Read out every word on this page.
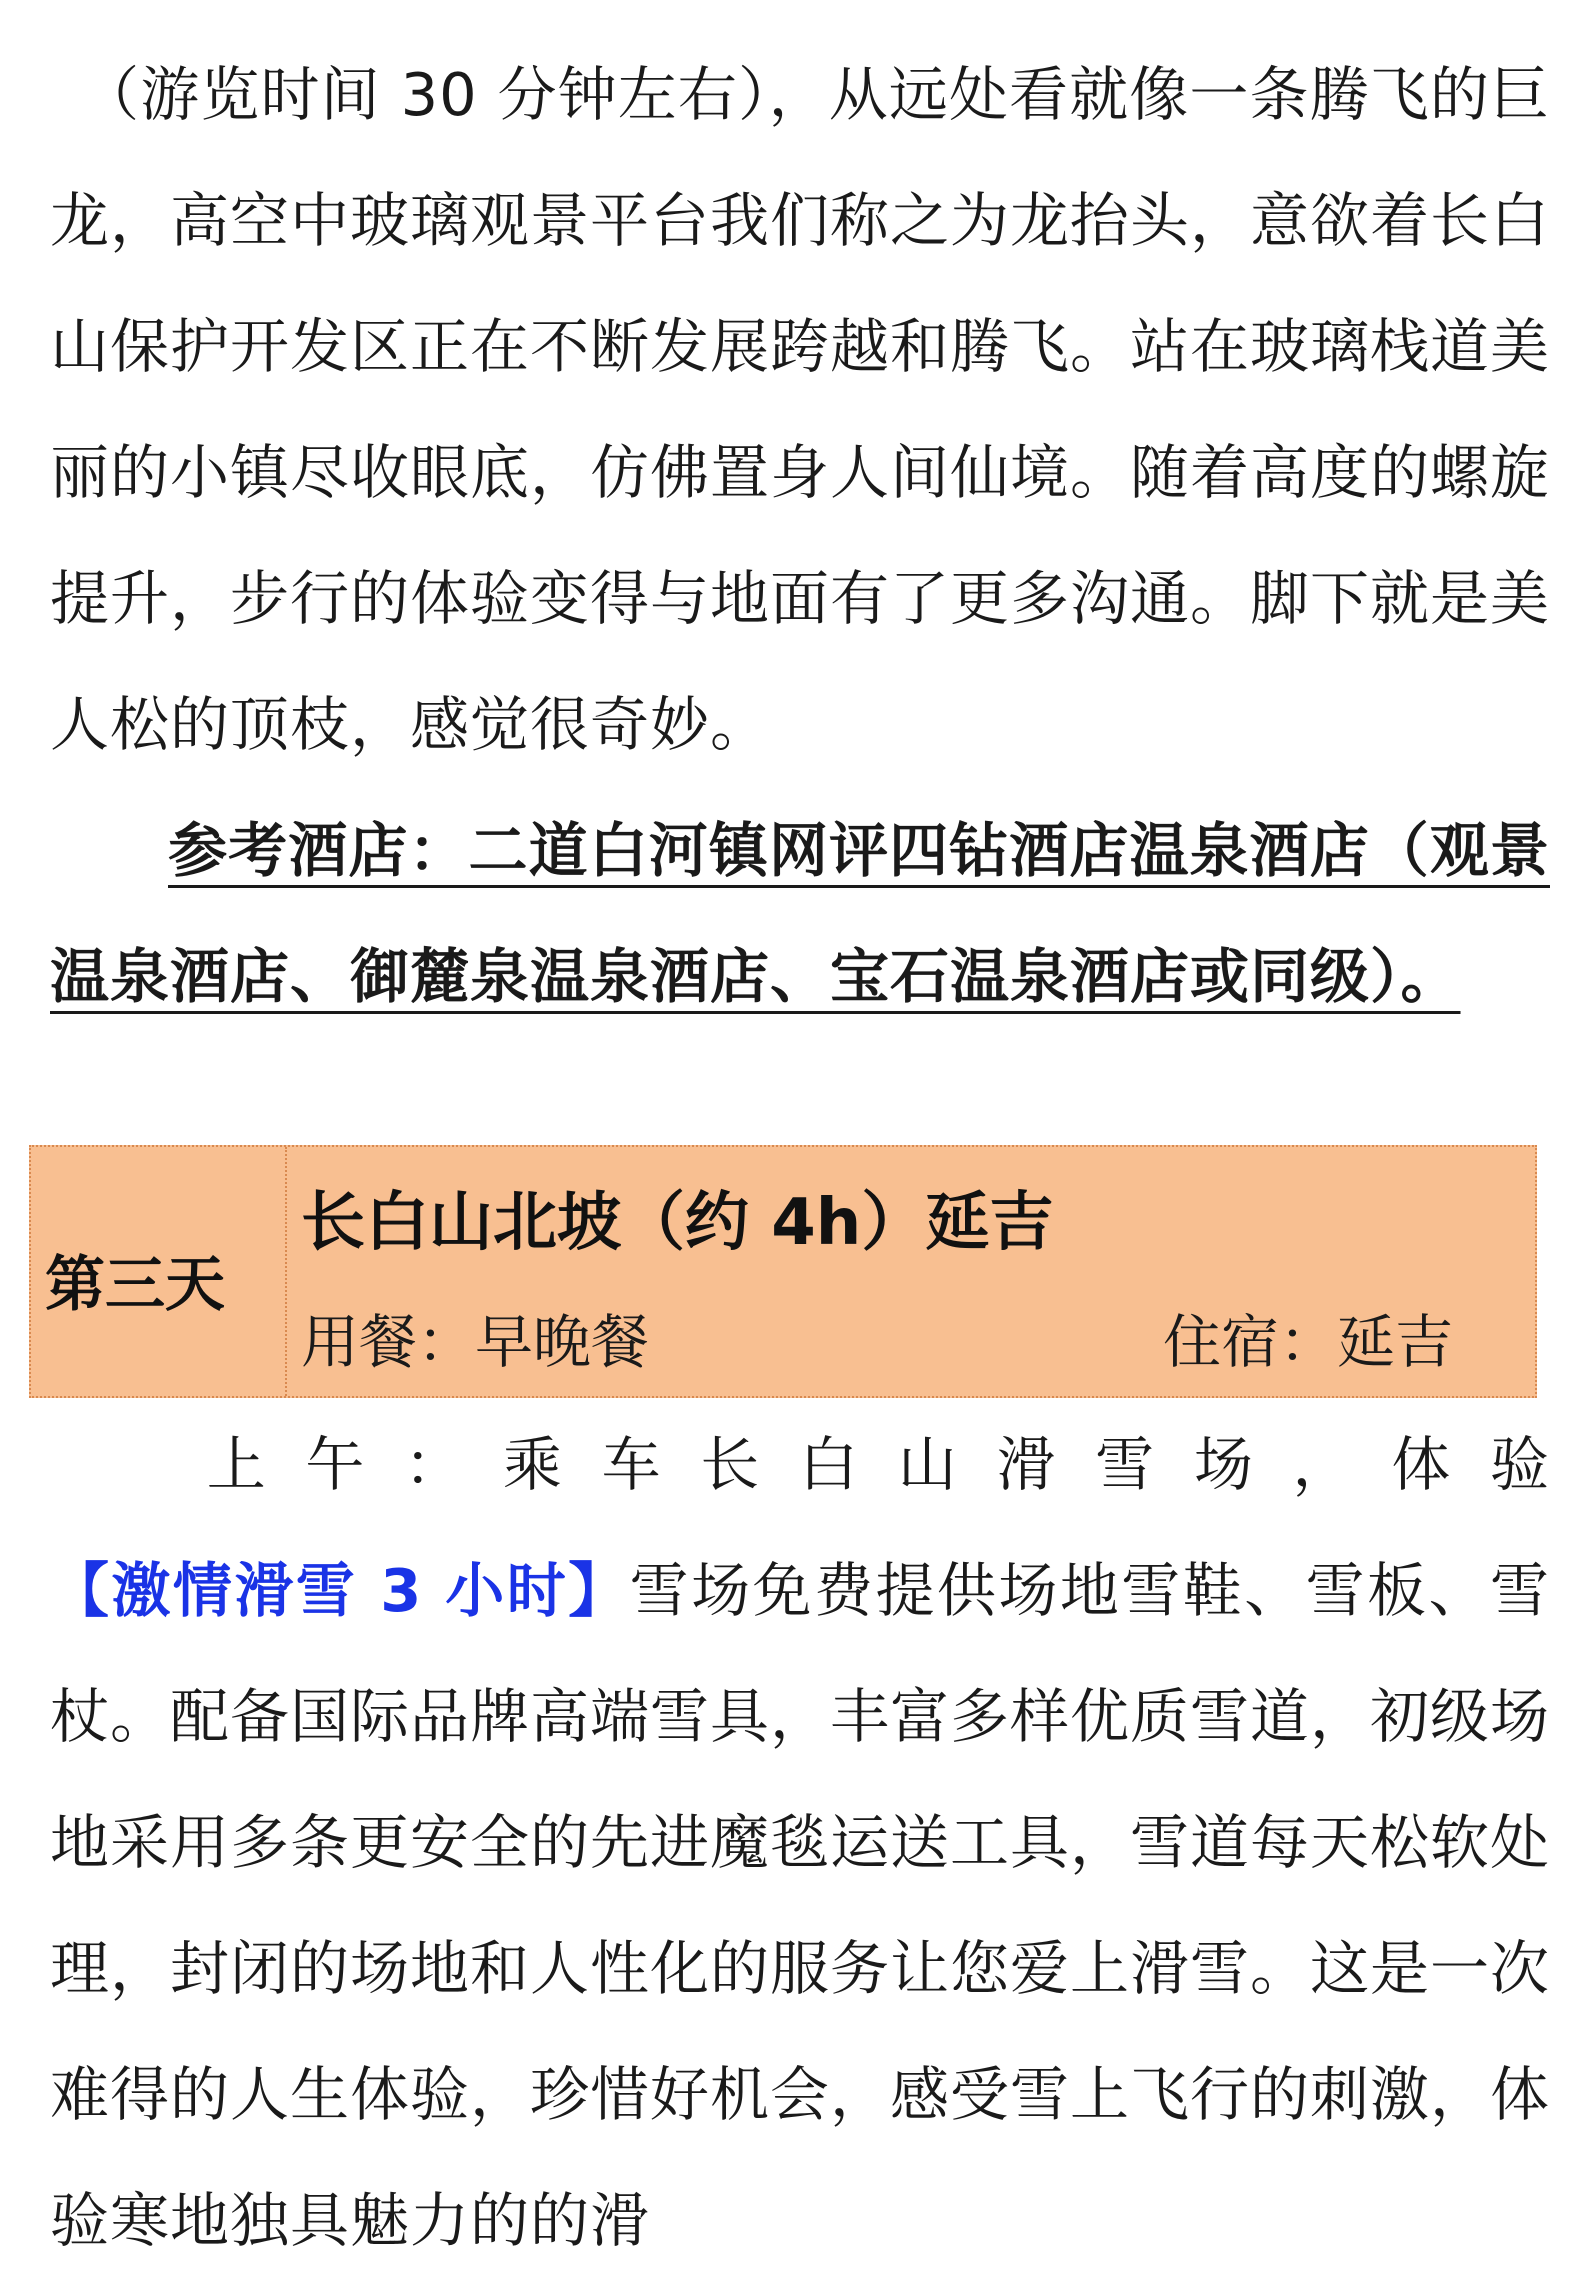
（游览时间 30 分钟左右），从远处看就像一条腾飞的巨龙，高空中玻璃观景平台我们称之为龙抬头，意欲着长白山保护开发区正在不断发展跨越和腾飞。站在玻璃栈道美丽的小镇尽收眼底，仿佛置身人间仙境。随着高度的螺旋提升，步行的体验变得与地面有了更多沟通。脚下就是美人松的顶枝，感觉很奇妙。

参考酒店：二道白河镇网评四钻酒店温泉酒店（观景温泉酒店、御麓泉温泉酒店、宝石温泉酒店或同级）。

第三天
长白山北坡（约 4h）延吉
用餐：早晚餐	住宿：延吉

上午：乘车长白山滑雪场，体验【激情滑雪 3 小时】雪场免费提供场地雪鞋、雪板、雪杖。配备国际品牌高端雪具，丰富多样优质雪道，初级场地采用多条更安全的先进魔毯运送工具，雪道每天松软处理，封闭的场地和人性化的服务让您爱上滑雪。这是一次难得的人生体验，珍惜好机会，感受雪上飞行的刺激，体验寒地独具魅力的的滑
